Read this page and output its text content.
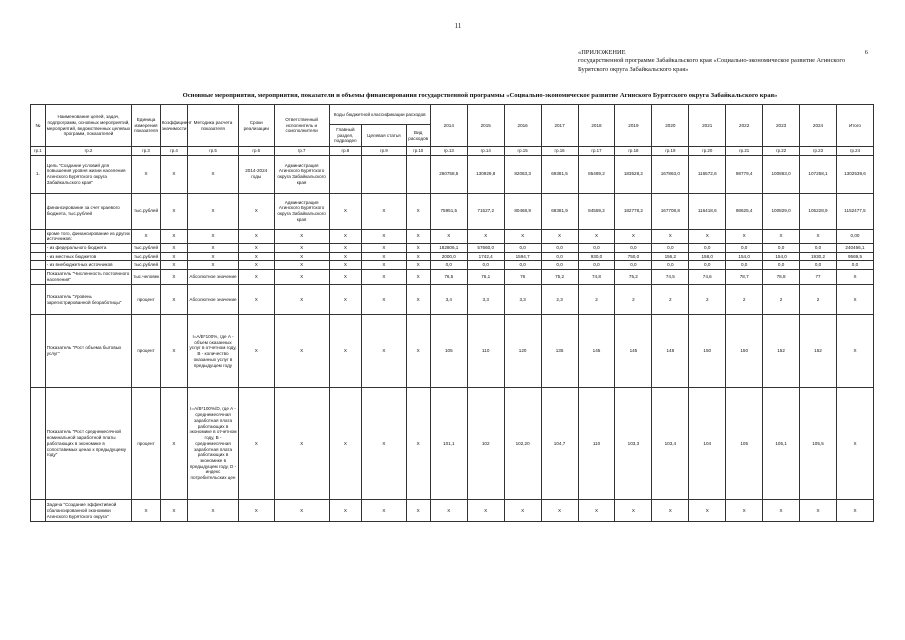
11
«ПРИЛОЖЕНИЕ	6
государственной программе Забайкальского края «Социально-экономическое развитие Агинского Бурятского округа Забайкальского края»
Основные мероприятия, мероприятия, показатели и объемы финансирования государственной программы «Социально-экономическое развитие Агинского Бурятского округа Забайкальского края»
№	Наименование целей, задач, подпрограмм, основных мероприятий, мероприятий, ведомственных целевых программ, показателей	Единица измерения показателя	Коэффициент значимости	Методика расчета показателя	Сроки реализации	Ответственный исполнитель и соисполнители	Коды бюджетной классификации расходов			2014	2015	2016	2017	2018	2019	2020	2021	2022	2023	2024	Итого
							Главный раздел, подраздел	Целевая статья	Вид расходов												
гр.1	гр.2	гр.3	гр.4	гр.5	гр.6	гр.7	гр.8	гр.9	гр.10	гр.13	гр.14	гр.15	гр.16	гр.17	гр.18	гр.19	гр.20	гр.21	гр.22	гр.23	гр.24
1.	Цель "Создание условий для повышения уровня жизни населения Агинского Бурятского округа Забайкальского края"	X	X	X	2014-2024 годы	Администрация Агинского Бурятского округа Забайкальского края				260758,5	130929,8	82063,3	69381,5	85489,2	183528,2	167863,0	116572,6	98779,4	100863,0	107258,1	1302539,6
	финансирование за счет краевого бюджета, тыс.рублей	тыс.рублей	X	X	X	Администрация Агинского Бурятского округа Забайкальского края	X	X	X	75951,5	71527,2	80468,9	68381,9	84559,2	182778,2	167708,8	116418,6	98625,4	100829,0	105228,9	1152477,5
	кроме того, финансирование из других источников:	X	X	X	X	X	X	X	X	X	X	X	X	X	X	X	X	X	X	X	0,00
	- из федерального бюджета	тыс.рублей	X	X	X	X	X	X	X	182806,1	57660,0	0,0	0,0	0,0	0,0	0,0	0,0	0,0	0,0	0,0	240466,1
	- из местных бюджетов	тыс.рублей	X	X	X	X	X	X	X	2000,0	1742,4	1594,7	0,0	930,0	750,0	156,2	158,0	154,0	154,0	1930,2	9569,5
	- из внебюджетных источников	тыс.рублей	X	X	X	X	X	X	X	0,0	0,0	0,0	0,0	0,0	0,0	0,0	0,0	0,0	0,0	0,0	0,0
	Показатель "Численность постоянного населения"	тыс.человек	X	Абсолютное значение	X	X	X	X	X	76,5	76,1	76	75,2	74,8	75,2	74,5	74,6	78,7	78,8	77	X
	Показатель "Уровень зарегистрированной безработицы"	процент	X	Абсолютное значение	X	X	X	X	X	3,4	3,3	3,3	2,3	2	2	2	2	2	2	2	X
	Показатель "Рост объема бытовых услуг"	процент	X	I=A/B*100%, где A - объем оказанных услуг в отчетном году, B - количество оказанных услуг в предыдущем году	X	X	X	X	X	105	110	120	135	145	145	148	150	150	152	152	X
	Показатель "Рост среднемесячной номинальной заработной платы работающих в экономике в сопоставимых ценах к предыдущему году"	процент	X	I=A/B*100%/D, где A - среднемесячная заработная плата работающих в экономике в отчетном году, B - среднемесячная заработная плата работающих в экономике в предыдущем году, D - индекс потребительских цен	X	X	X	X	X	101,1	102	102,20	104,7	110	103,3	103,4	104	105	105,1	105,5	X
	Задача "Создание эффективной сбалансированной экономики Агинского Бурятского округа"	X	X	X	X	X	X	X	X	X	X	X	X	X	X	X	X	X	X	X	X
